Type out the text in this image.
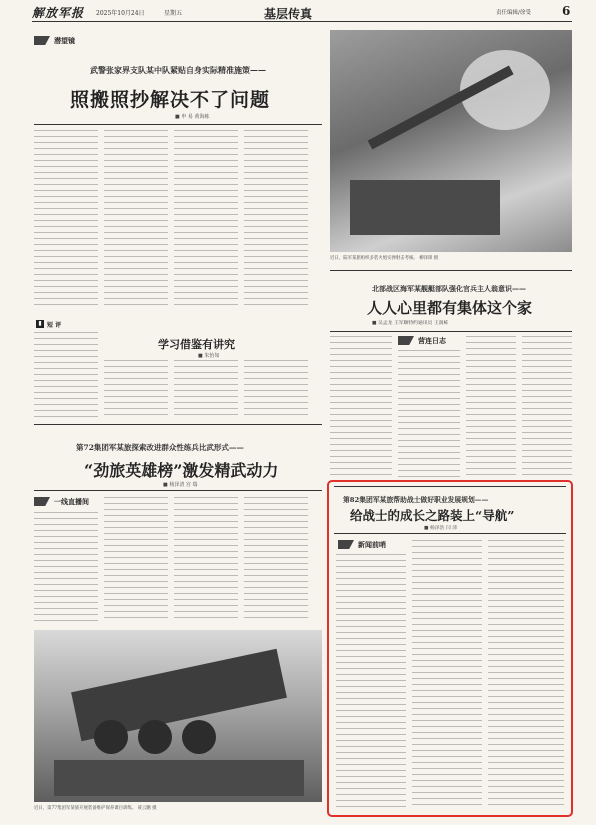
解放军报 2025年10月24日	星期五	基层传真	责任编辑/徐受	6
潜望镜
武警张家界支队某中队紧贴自身实际精准施策——
照搬照抄解决不了问题
■ 申 易 黄海栋
▮ 短 评
学习借鉴有讲究
■ 朱怡如
近日，陆军某旅组织多装火炮实弹射击考核。 柳泽锋 摄
北部战区海军某舰艇部队强化官兵主人翁意识——
人人心里都有集体这个家
■ 吴孟龙 王军顺特约通讯员 王润栋
营连日志
第72集团军某旅探索改进群众性练兵比武形式——
“劲旅英雄榜”激发精武动力
■ 杨泽清 宫 瑞
一线直播间
近日，第77集团军某旅开展装备维护保养课目训练。 聂云鹏 摄
第82集团军某旅帮助战士做好职业发展规划——
给战士的成长之路装上“导航”
■ 杨泽浩 闫 沛
新闻前哨
